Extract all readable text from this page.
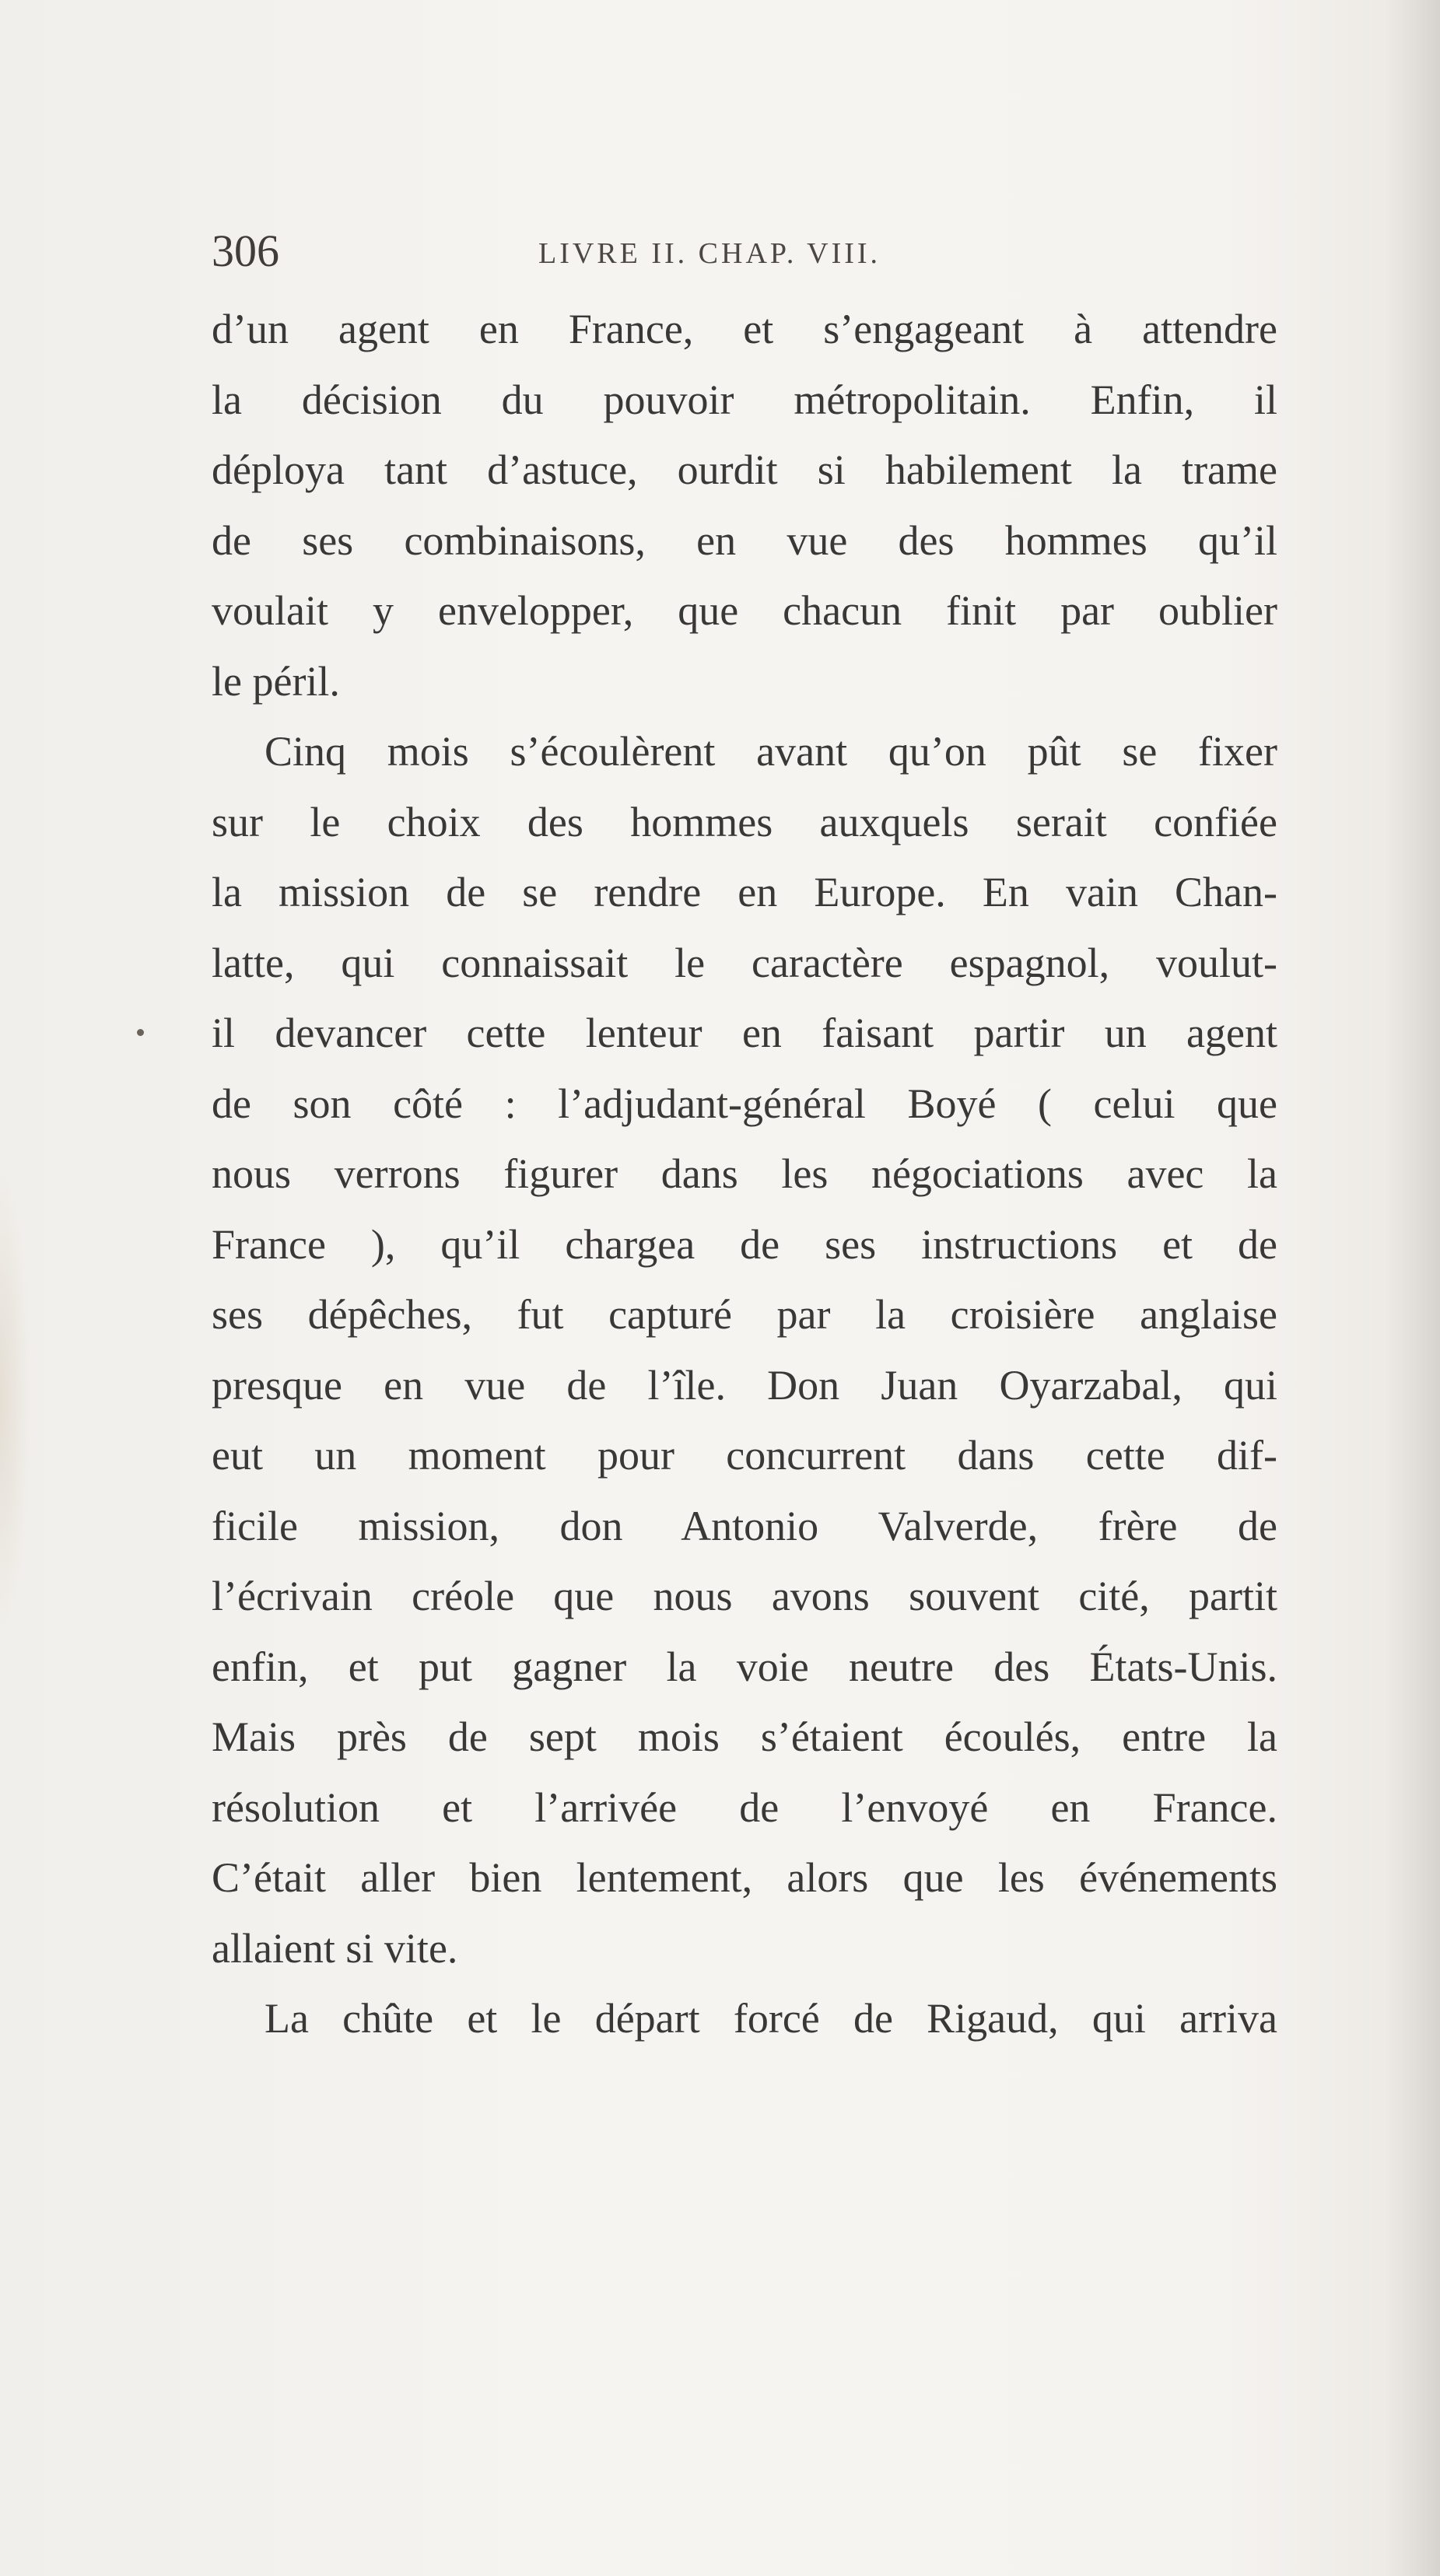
306	LIVRE II. CHAP. VIII.
d’un agent en France, et s’engageant à attendre
la décision du pouvoir métropolitain. Enfin, il
déploya tant d’astuce, ourdit si habilement la trame
de ses combinaisons, en vue des hommes qu’il
voulait y envelopper, que chacun finit par oublier
le péril.
Cinq mois s’écoulèrent avant qu’on pût se fixer
sur le choix des hommes auxquels serait confiée
la mission de se rendre en Europe. En vain Chan-
latte, qui connaissait le caractère espagnol, voulut-
il devancer cette lenteur en faisant partir un agent
de son côté : l’adjudant-général Boyé ( celui que
nous verrons figurer dans les négociations avec la
France ), qu’il chargea de ses instructions et de
ses dépêches, fut capturé par la croisière anglaise
presque en vue de l’île. Don Juan Oyarzabal, qui
eut un moment pour concurrent dans cette dif-
ficile mission, don Antonio Valverde, frère de
l’écrivain créole que nous avons souvent cité, partit
enfin, et put gagner la voie neutre des États-Unis.
Mais près de sept mois s’étaient écoulés, entre la
résolution et l’arrivée de l’envoyé en France.
C’était aller bien lentement, alors que les événements
allaient si vite.
La chûte et le départ forcé de Rigaud, qui arriva
